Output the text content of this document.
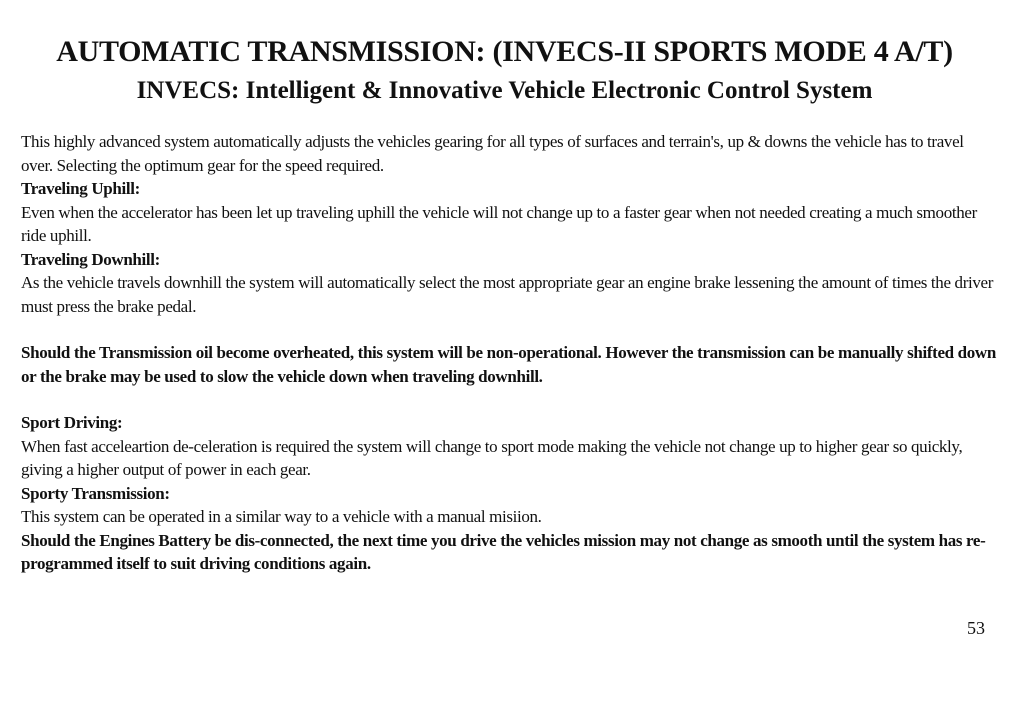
AUTOMATIC TRANSMISSION: (INVECS-II SPORTS MODE 4 A/T)
INVECS: Intelligent & Innovative Vehicle Electronic Control System

This highly advanced system automatically adjusts the vehicles gearing for all types of surfaces and terrain's, up & downs the vehicle has to travel over. Selecting the optimum gear for the speed required.

Traveling Uphill:

Even when the accelerator has been let up traveling uphill the vehicle will not change up to a faster gear when not needed creating a much smoother ride uphill.

Traveling Downhill:

As the vehicle travels downhill the system will automatically select the most appropriate gear an engine brake lessening the amount of times the driver must press the brake pedal.

Should the Transmission oil become overheated, this system will be non-operational. However the transmission can be manually shifted down or the brake may be used to slow the vehicle down when traveling downhill.

Sport Driving:

When fast acceleartion de-celeration is required the system will change to sport mode making the vehicle not change up to higher gear so quickly, giving a higher output of power in each gear.

Sporty Transmission:

This system can be operated in a similar way to a vehicle with a manual misiion.

Should the Engines Battery be dis-connected, the next time you drive the vehicles mission may not change as smooth until the system has re-programmed itself to suit driving conditions again.

53
